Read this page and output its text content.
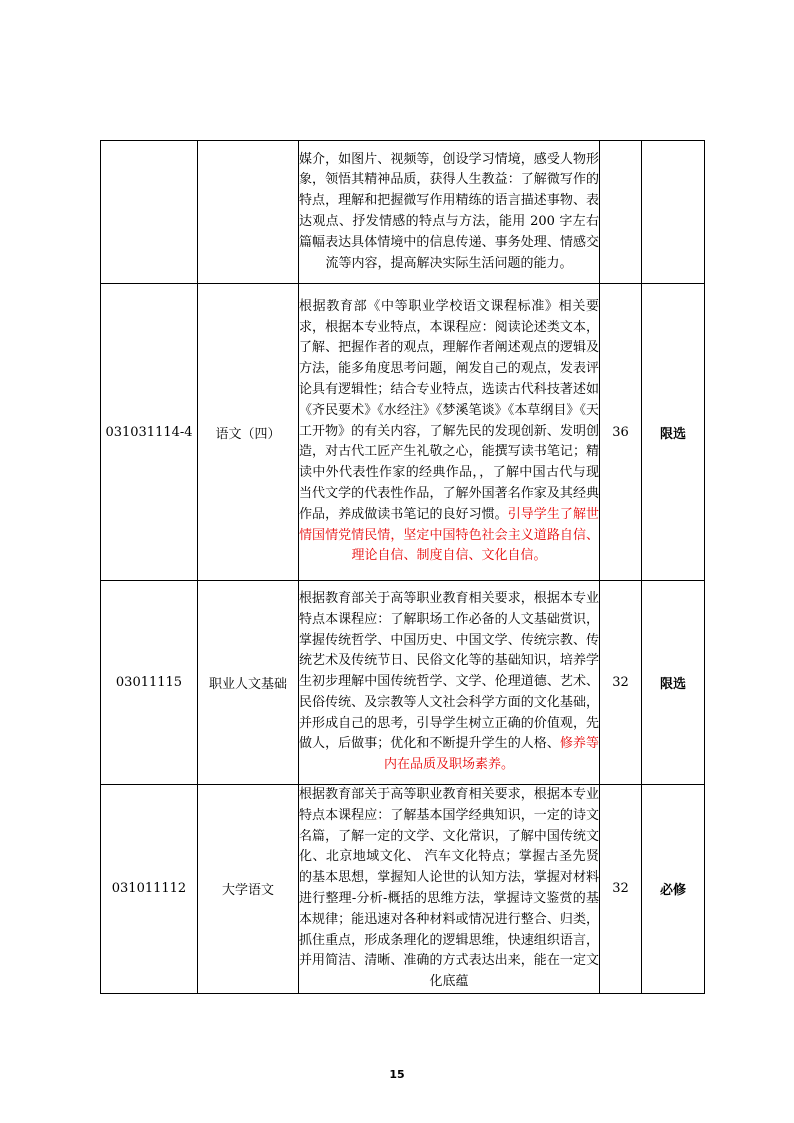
		媒介，如图片、视频等，创设学习情境，感受人物形象，领悟其精神品质，获得人生教益：了解微写作的特点，理解和把握微写作用精练的语言描述事物、表达观点、抒发情感的特点与方法，能用 200 字左右篇幅表达具体情境中的信息传递、事务处理、情感交流等内容，提高解决实际生活问题的能力。		
031031114-4	语文（四）	根据教育部《中等职业学校语文课程标准》相关要求，根据本专业特点，本课程应：阅读论述类文本，了解、把握作者的观点，理解作者阐述观点的逻辑及方法，能多角度思考问题，阐发自己的观点，发表评论具有逻辑性；结合专业特点，选读古代科技著述如《齐民要术》《水经注》《梦溪笔谈》《本草纲目》《天工开物》的有关内容，了解先民的发现创新、发明创造，对古代工匠产生礼敬之心，能撰写读书笔记；精读中外代表性作家的经典作品，，了解中国古代与现当代文学的代表性作品，了解外国著名作家及其经典作品，养成做读书笔记的良好习惯。引导学生了解世情国情党情民情，坚定中国特色社会主义道路自信、理论自信、制度自信、文化自信。	36	限选
03011115	职业人文基础	根据教育部关于高等职业教育相关要求，根据本专业特点本课程应：了解职场工作必备的人文基础赏识，掌握传统哲学、中国历史、中国文学、传统宗教、传统艺术及传统节日、民俗文化等的基础知识，培养学生初步理解中国传统哲学、文学、伦理道德、艺术、民俗传统、及宗教等人文社会科学方面的文化基础，并形成自己的思考，引导学生树立正确的价值观，先做人，后做事；优化和不断提升学生的人格、修养等内在品质及职场素养。	32	限选
031011112	大学语文	根据教育部关于高等职业教育相关要求，根据本专业特点本课程应：了解基本国学经典知识，一定的诗文名篇，了解一定的文学、文化常识，了解中国传统文化、北京地域文化、 汽车文化特点；掌握古圣先贤的基本思想，掌握知人论世的认知方法，掌握对材料进行整理-分析-概括的思维方法，掌握诗文鉴赏的基本规律；能迅速对各种材料或情况进行整合、归类，抓住重点，形成条理化的逻辑思维，快速组织语言，并用简洁、清晰、准确的方式表达出来，能在一定文化底蕴	32	必修
15
